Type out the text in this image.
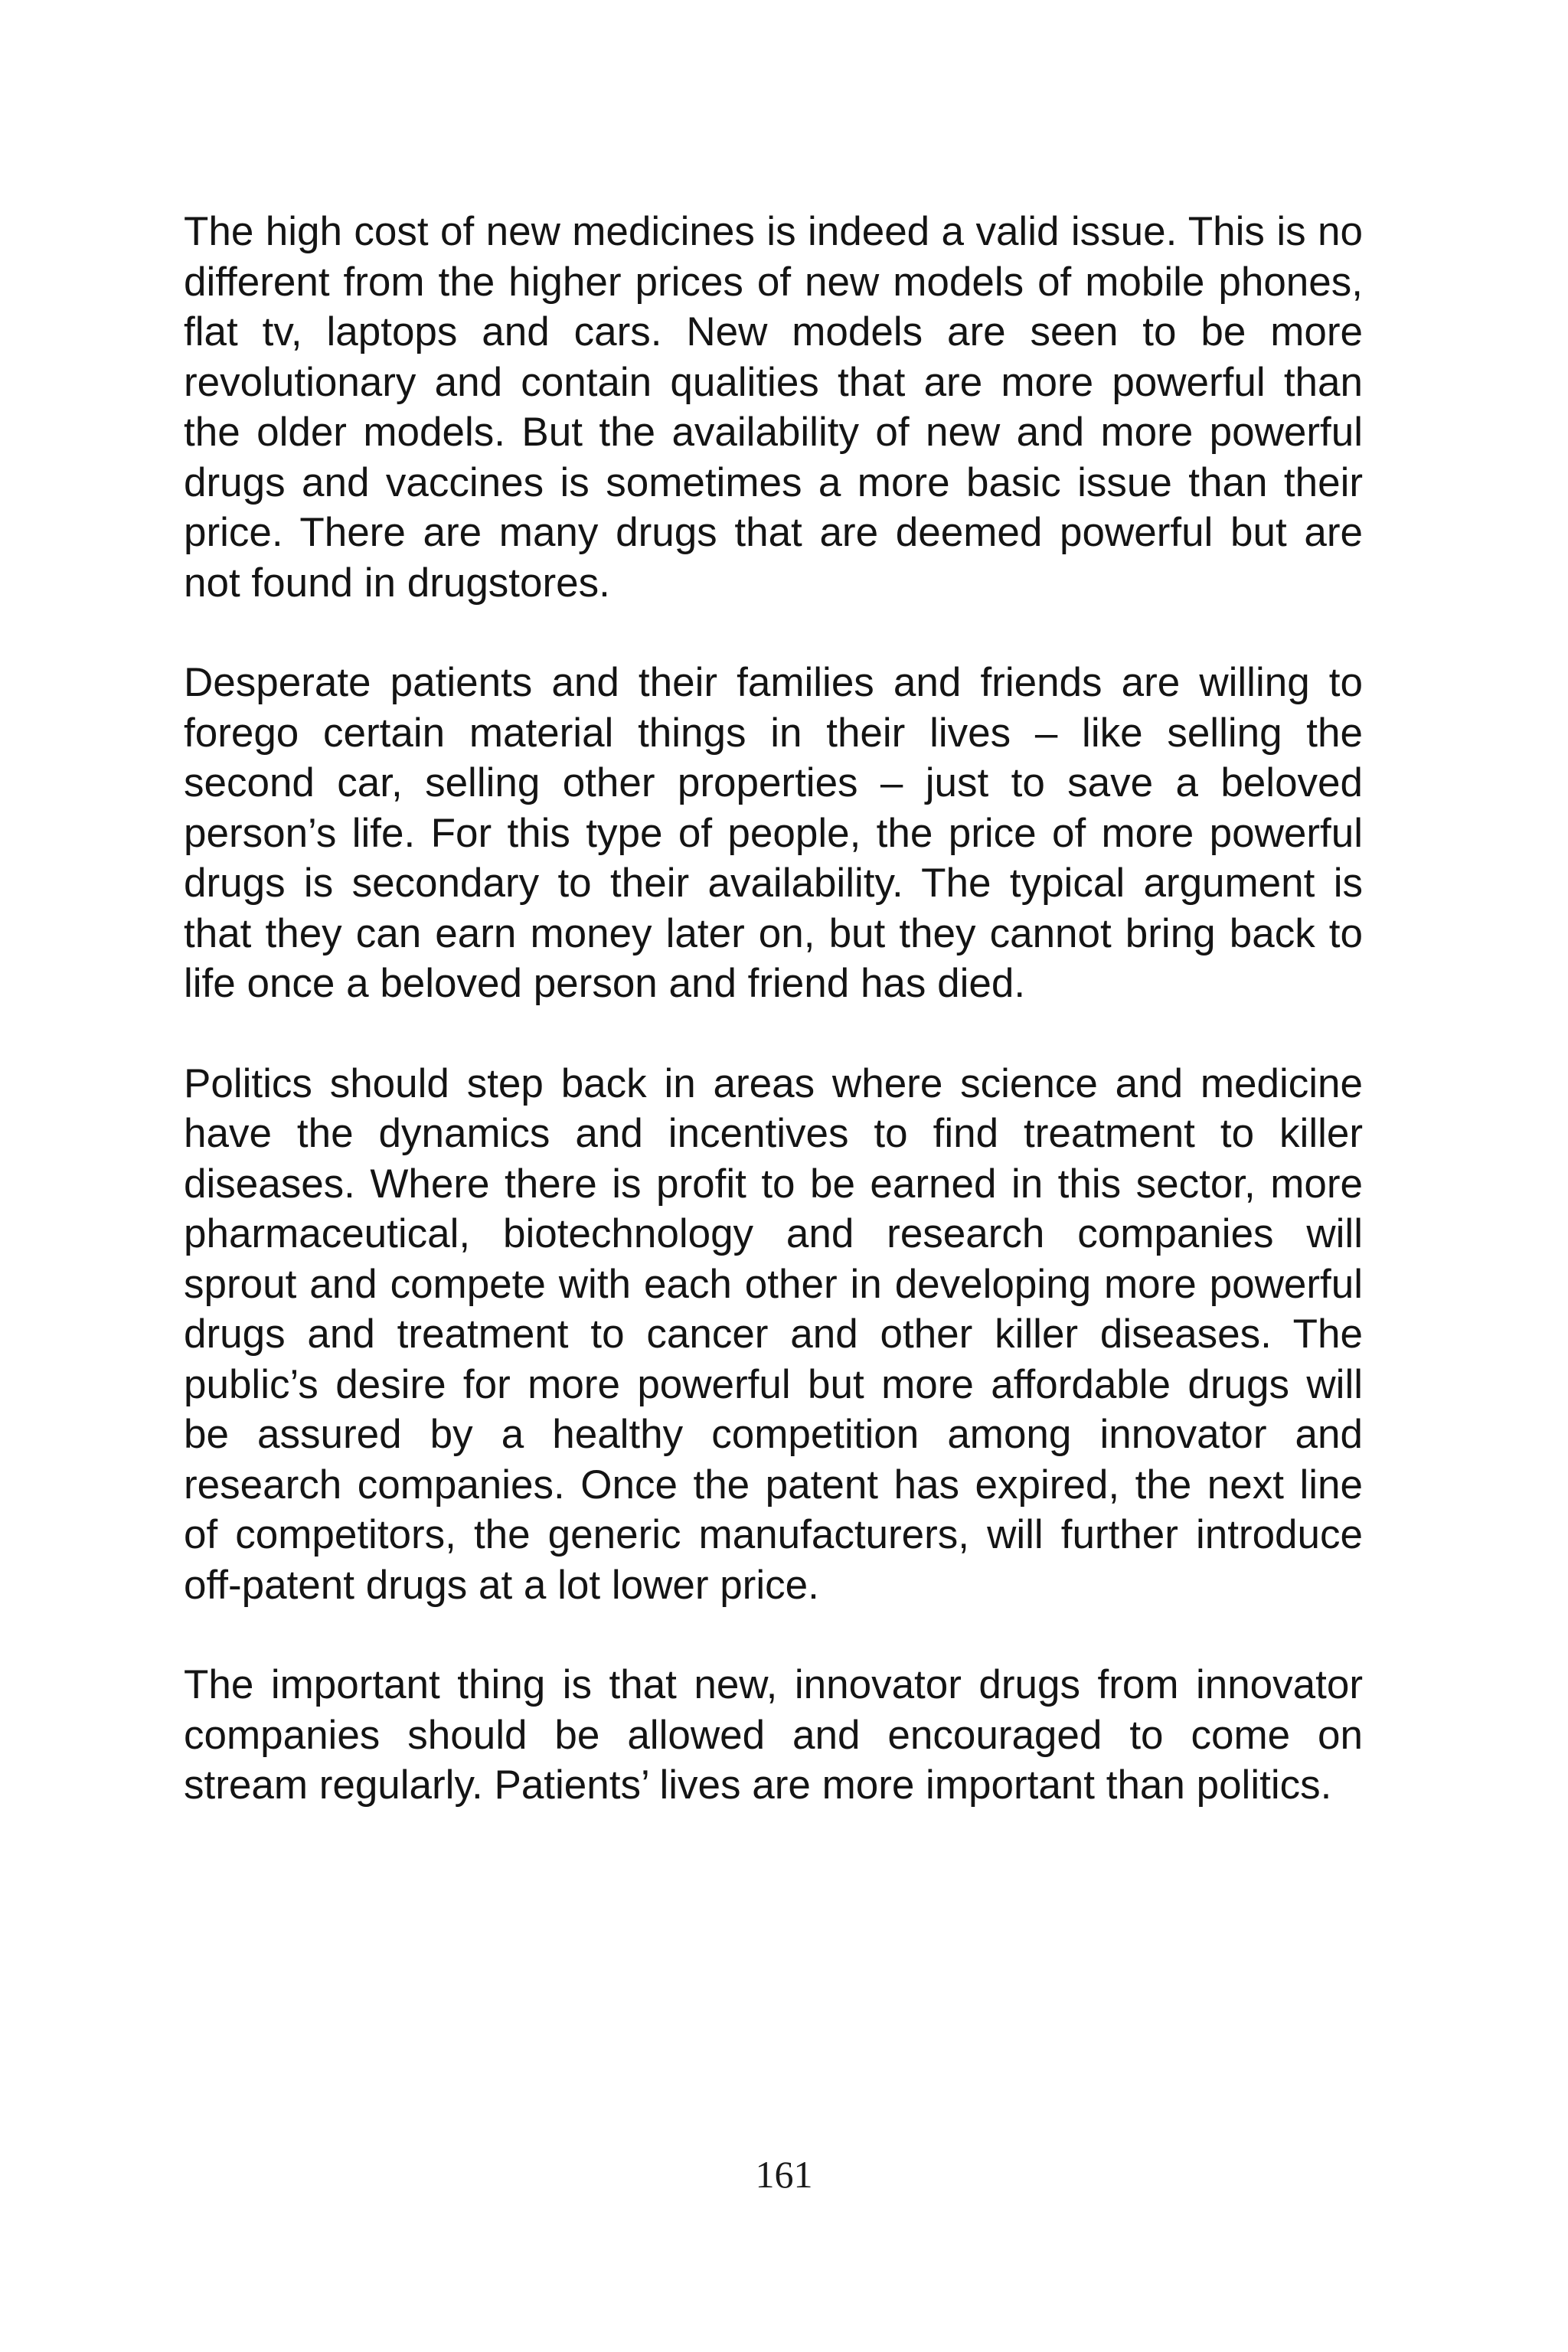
The high cost of new medicines is indeed a valid issue. This is no different from the higher prices of new models of mobile phones, flat tv, laptops and cars. New models are seen to be more revolutionary and contain qualities that are more powerful than the older models. But the availability of new and more powerful drugs and vaccines is sometimes a more basic issue than their price. There are many drugs that are deemed powerful but are not found in drugstores.

Desperate patients and their families and friends are willing to forego certain material things in their lives – like selling the second car, selling other properties – just to save a beloved person’s life. For this type of people, the price of more powerful drugs is secondary to their availability. The typical argument is that they can earn money later on, but they cannot bring back to life once a beloved person and friend has died.

Politics should step back in areas where science and medicine have the dynamics and incentives to find treatment to killer diseases. Where there is profit to be earned in this sector, more pharmaceutical, biotechnology and research companies will sprout and compete with each other in developing more powerful drugs and treatment to cancer and other killer diseases. The public’s desire for more powerful but more affordable drugs will be assured by a healthy competition among innovator and research companies. Once the patent has expired, the next line of competitors, the generic manufacturers, will further introduce off-patent drugs at a lot lower price.

The important thing is that new, innovator drugs from innovator companies should be allowed and encouraged to come on stream regularly. Patients’ lives are more important than politics.

161
